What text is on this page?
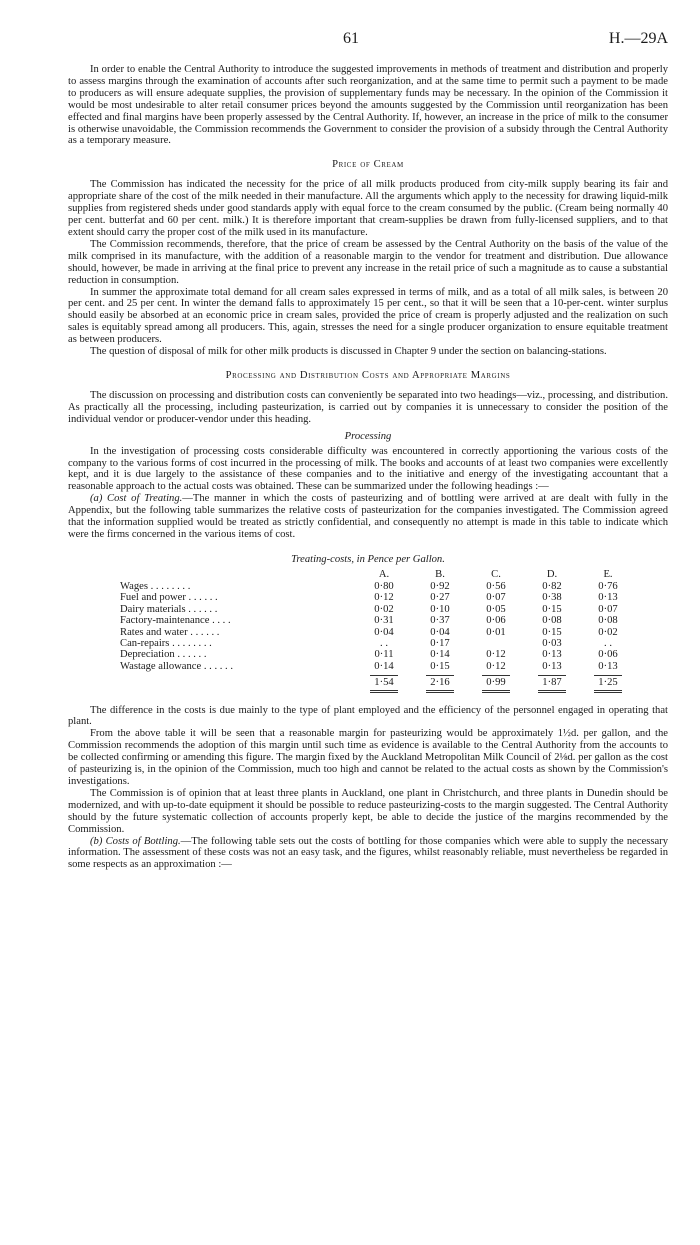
61	H.—29A

In order to enable the Central Authority to introduce the suggested improvements in methods of treatment and distribution and properly to assess margins through the examination of accounts after such reorganization, and at the same time to permit such a payment to be made to producers as will ensure adequate supplies, the provision of supplementary funds may be necessary. In the opinion of the Commission it would be most undesirable to alter retail consumer prices beyond the amounts suggested by the Commission until reorganization has been effected and final margins have been properly assessed by the Central Authority. If, however, an increase in the price of milk to the consumer is otherwise unavoidable, the Commission recommends the Government to consider the provision of a subsidy through the Central Authority as a temporary measure.

Price of Cream

The Commission has indicated the necessity for the price of all milk products produced from city-milk supply bearing its fair and appropriate share of the cost of the milk needed in their manufacture. All the arguments which apply to the necessity for drawing liquid-milk supplies from registered sheds under good standards apply with equal force to the cream consumed by the public. (Cream being normally 40 per cent. butterfat and 60 per cent. milk.) It is therefore important that cream-supplies be drawn from fully-licensed suppliers, and to that extent should carry the proper cost of the milk used in its manufacture.

The Commission recommends, therefore, that the price of cream be assessed by the Central Authority on the basis of the value of the milk comprised in its manufacture, with the addition of a reasonable margin to the vendor for treatment and distribution. Due allowance should, however, be made in arriving at the final price to prevent any increase in the retail price of such a magnitude as to cause a substantial reduction in consumption.

In summer the approximate total demand for all cream sales expressed in terms of milk, and as a total of all milk sales, is between 20 per cent. and 25 per cent. In winter the demand falls to approximately 15 per cent., so that it will be seen that a 10-per-cent. winter surplus should easily be absorbed at an economic price in cream sales, provided the price of cream is properly adjusted and the realization on such sales is equitably spread among all producers. This, again, stresses the need for a single producer organization to ensure equitable treatment as between producers.

The question of disposal of milk for other milk products is discussed in Chapter 9 under the section on balancing-stations.

Processing and Distribution Costs and Appropriate Margins

The discussion on processing and distribution costs can conveniently be separated into two headings—viz., processing, and distribution. As practically all the processing, including pasteurization, is carried out by companies it is unnecessary to consider the position of the individual vendor or producer-vendor under this heading.

Processing

In the investigation of processing costs considerable difficulty was encountered in correctly apportioning the various costs of the company to the various forms of cost incurred in the processing of milk. The books and accounts of at least two companies were excellently kept, and it is due largely to the assistance of these companies and to the initiative and energy of the investigating accountant that a reasonable approach to the actual costs was obtained. These can be summarized under the following headings :—

(a) Cost of Treating.—The manner in which the costs of pasteurizing and of bottling were arrived at are dealt with fully in the Appendix, but the following table summarizes the relative costs of pasteurization for the companies investigated. The Commission agreed that the information supplied would be treated as strictly confidential, and consequently no attempt is made in this table to indicate which were the firms concerned in the various items of cost.

Treating-costs, in Pence per Gallon.
	A.	B.	C.	D.	E.
Wages . . . . . . . .	0·80	0·92	0·56	0·82	0·76
Fuel and power . . . . . .	0·12	0·27	0·07	0·38	0·13
Dairy materials . . . . . .	0·02	0·10	0·05	0·15	0·07
Factory-maintenance . . . .	0·31	0·37	0·06	0·08	0·08
Rates and water . . . . . .	0·04	0·04	0·01	0·15	0·02
Can-repairs . . . . . . . .	. .	0·17		0·03	. .
Depreciation . . . . . .	0·11	0·14	0·12	0·13	0·06
Wastage allowance . . . . . .	0·14	0·15	0·12	0·13	0·13
	1·54	2·16	0·99	1·87	1·25

The difference in the costs is due mainly to the type of plant employed and the efficiency of the personnel engaged in operating that plant.

From the above table it will be seen that a reasonable margin for pasteurizing would be approximately 1½d. per gallon, and the Commission recommends the adoption of this margin until such time as evidence is available to the Central Authority from the accounts to be collected confirming or amending this figure. The margin fixed by the Auckland Metropolitan Milk Council of 2⅛d. per gallon as the cost of pasteurizing is, in the opinion of the Commission, much too high and cannot be related to the actual costs as shown by the Commission's investigations.

The Commission is of opinion that at least three plants in Auckland, one plant in Christchurch, and three plants in Dunedin should be modernized, and with up-to-date equipment it should be possible to reduce pasteurizing-costs to the margin suggested. The Central Authority should by the future systematic collection of accounts properly kept, be able to decide the justice of the margins recommended by the Commission.

(b) Costs of Bottling.—The following table sets out the costs of bottling for those companies which were able to supply the necessary information. The assessment of these costs was not an easy task, and the figures, whilst reasonably reliable, must nevertheless be regarded in some respects as an approximation :—
